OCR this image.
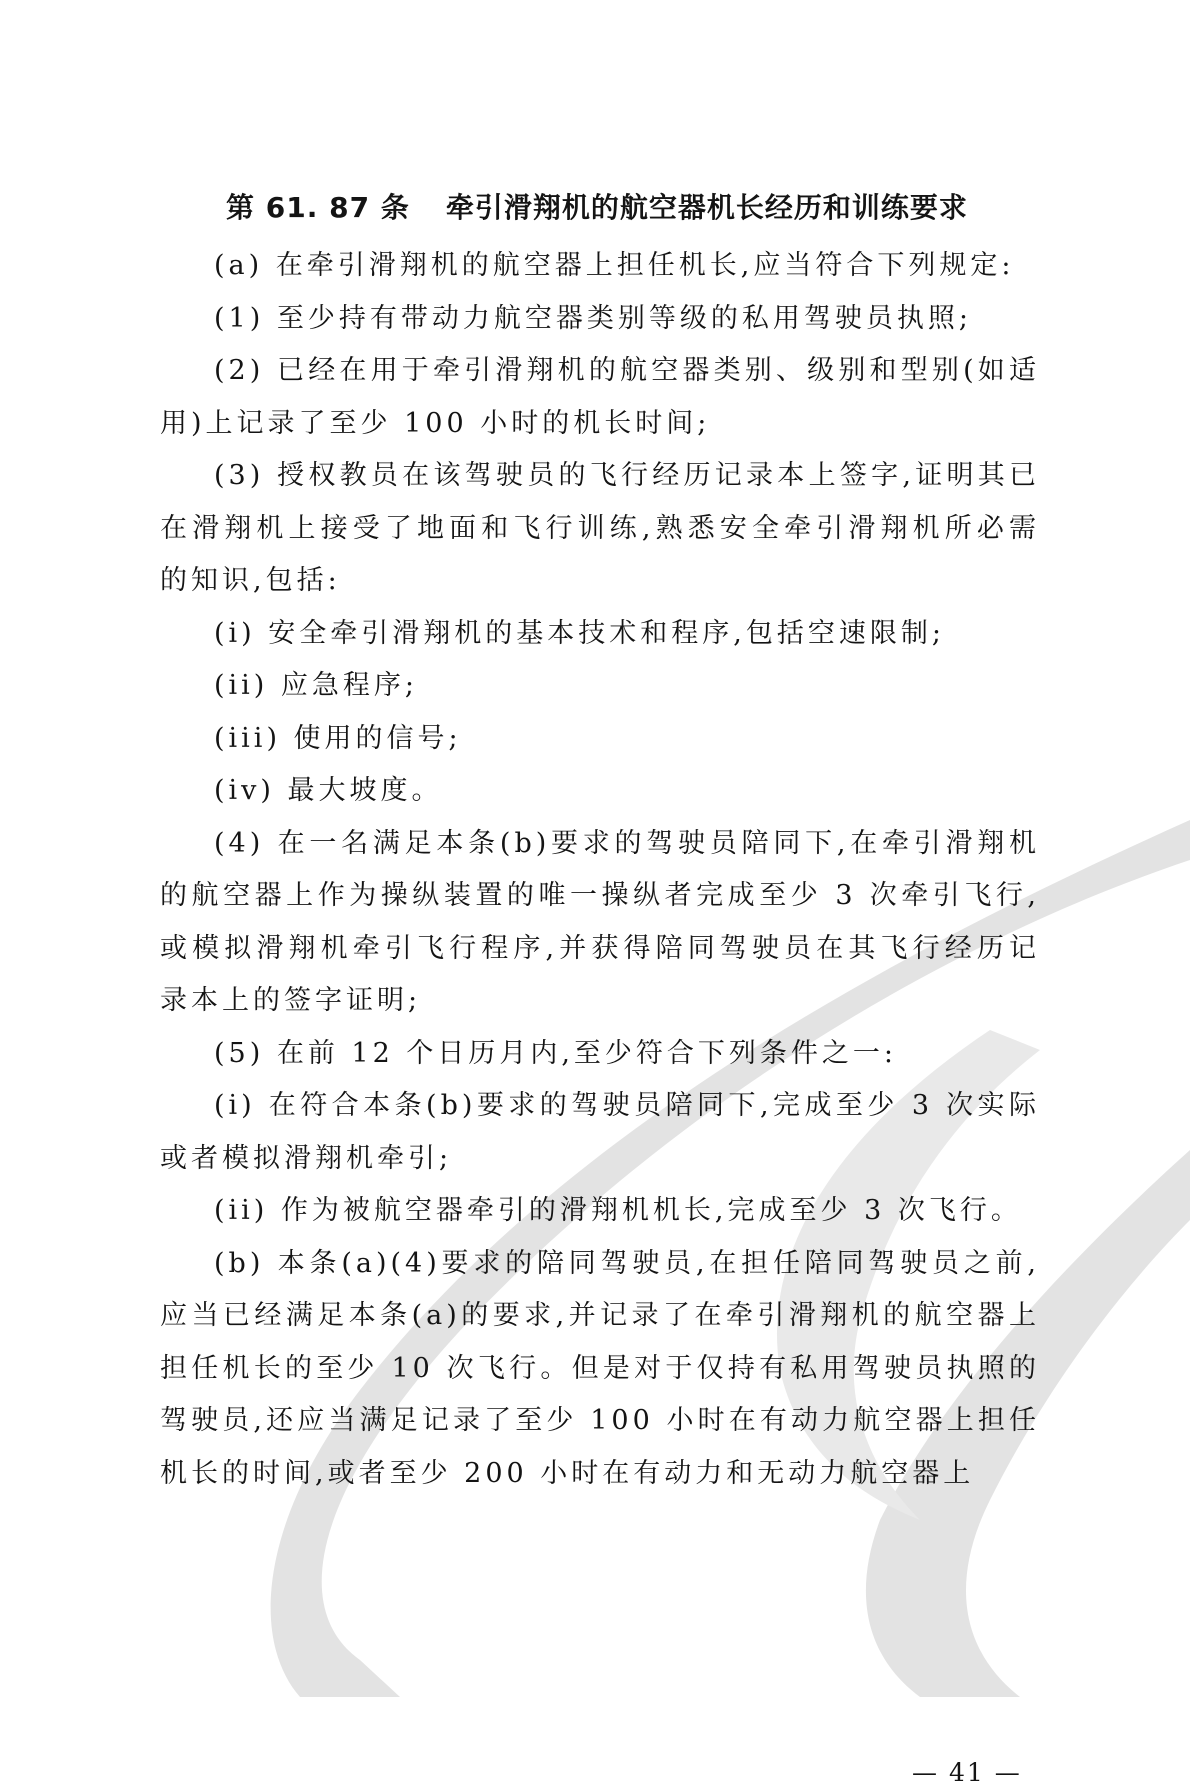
第 61. 87 条 牵引滑翔机的航空器机长经历和训练要求

(a) 在牵引滑翔机的航空器上担任机长,应当符合下列规定:

(1) 至少持有带动力航空器类别等级的私用驾驶员执照;

(2) 已经在用于牵引滑翔机的航空器类别、级别和型别(如适用)上记录了至少 100 小时的机长时间;

(3) 授权教员在该驾驶员的飞行经历记录本上签字,证明其已在滑翔机上接受了地面和飞行训练,熟悉安全牵引滑翔机所必需的知识,包括:

(i) 安全牵引滑翔机的基本技术和程序,包括空速限制;

(ii) 应急程序;

(iii) 使用的信号;

(iv) 最大坡度。

(4) 在一名满足本条(b)要求的驾驶员陪同下,在牵引滑翔机的航空器上作为操纵装置的唯一操纵者完成至少 3 次牵引飞行,或模拟滑翔机牵引飞行程序,并获得陪同驾驶员在其飞行经历记录本上的签字证明;

(5) 在前 12 个日历月内,至少符合下列条件之一:

(i) 在符合本条(b)要求的驾驶员陪同下,完成至少 3 次实际或者模拟滑翔机牵引;

(ii) 作为被航空器牵引的滑翔机机长,完成至少 3 次飞行。

(b) 本条(a)(4)要求的陪同驾驶员,在担任陪同驾驶员之前,应当已经满足本条(a)的要求,并记录了在牵引滑翔机的航空器上担任机长的至少 10 次飞行。但是对于仅持有私用驾驶员执照的驾驶员,还应当满足记录了至少 100 小时在有动力航空器上担任机长的时间,或者至少 200 小时在有动力和无动力航空器上

— 41 —
